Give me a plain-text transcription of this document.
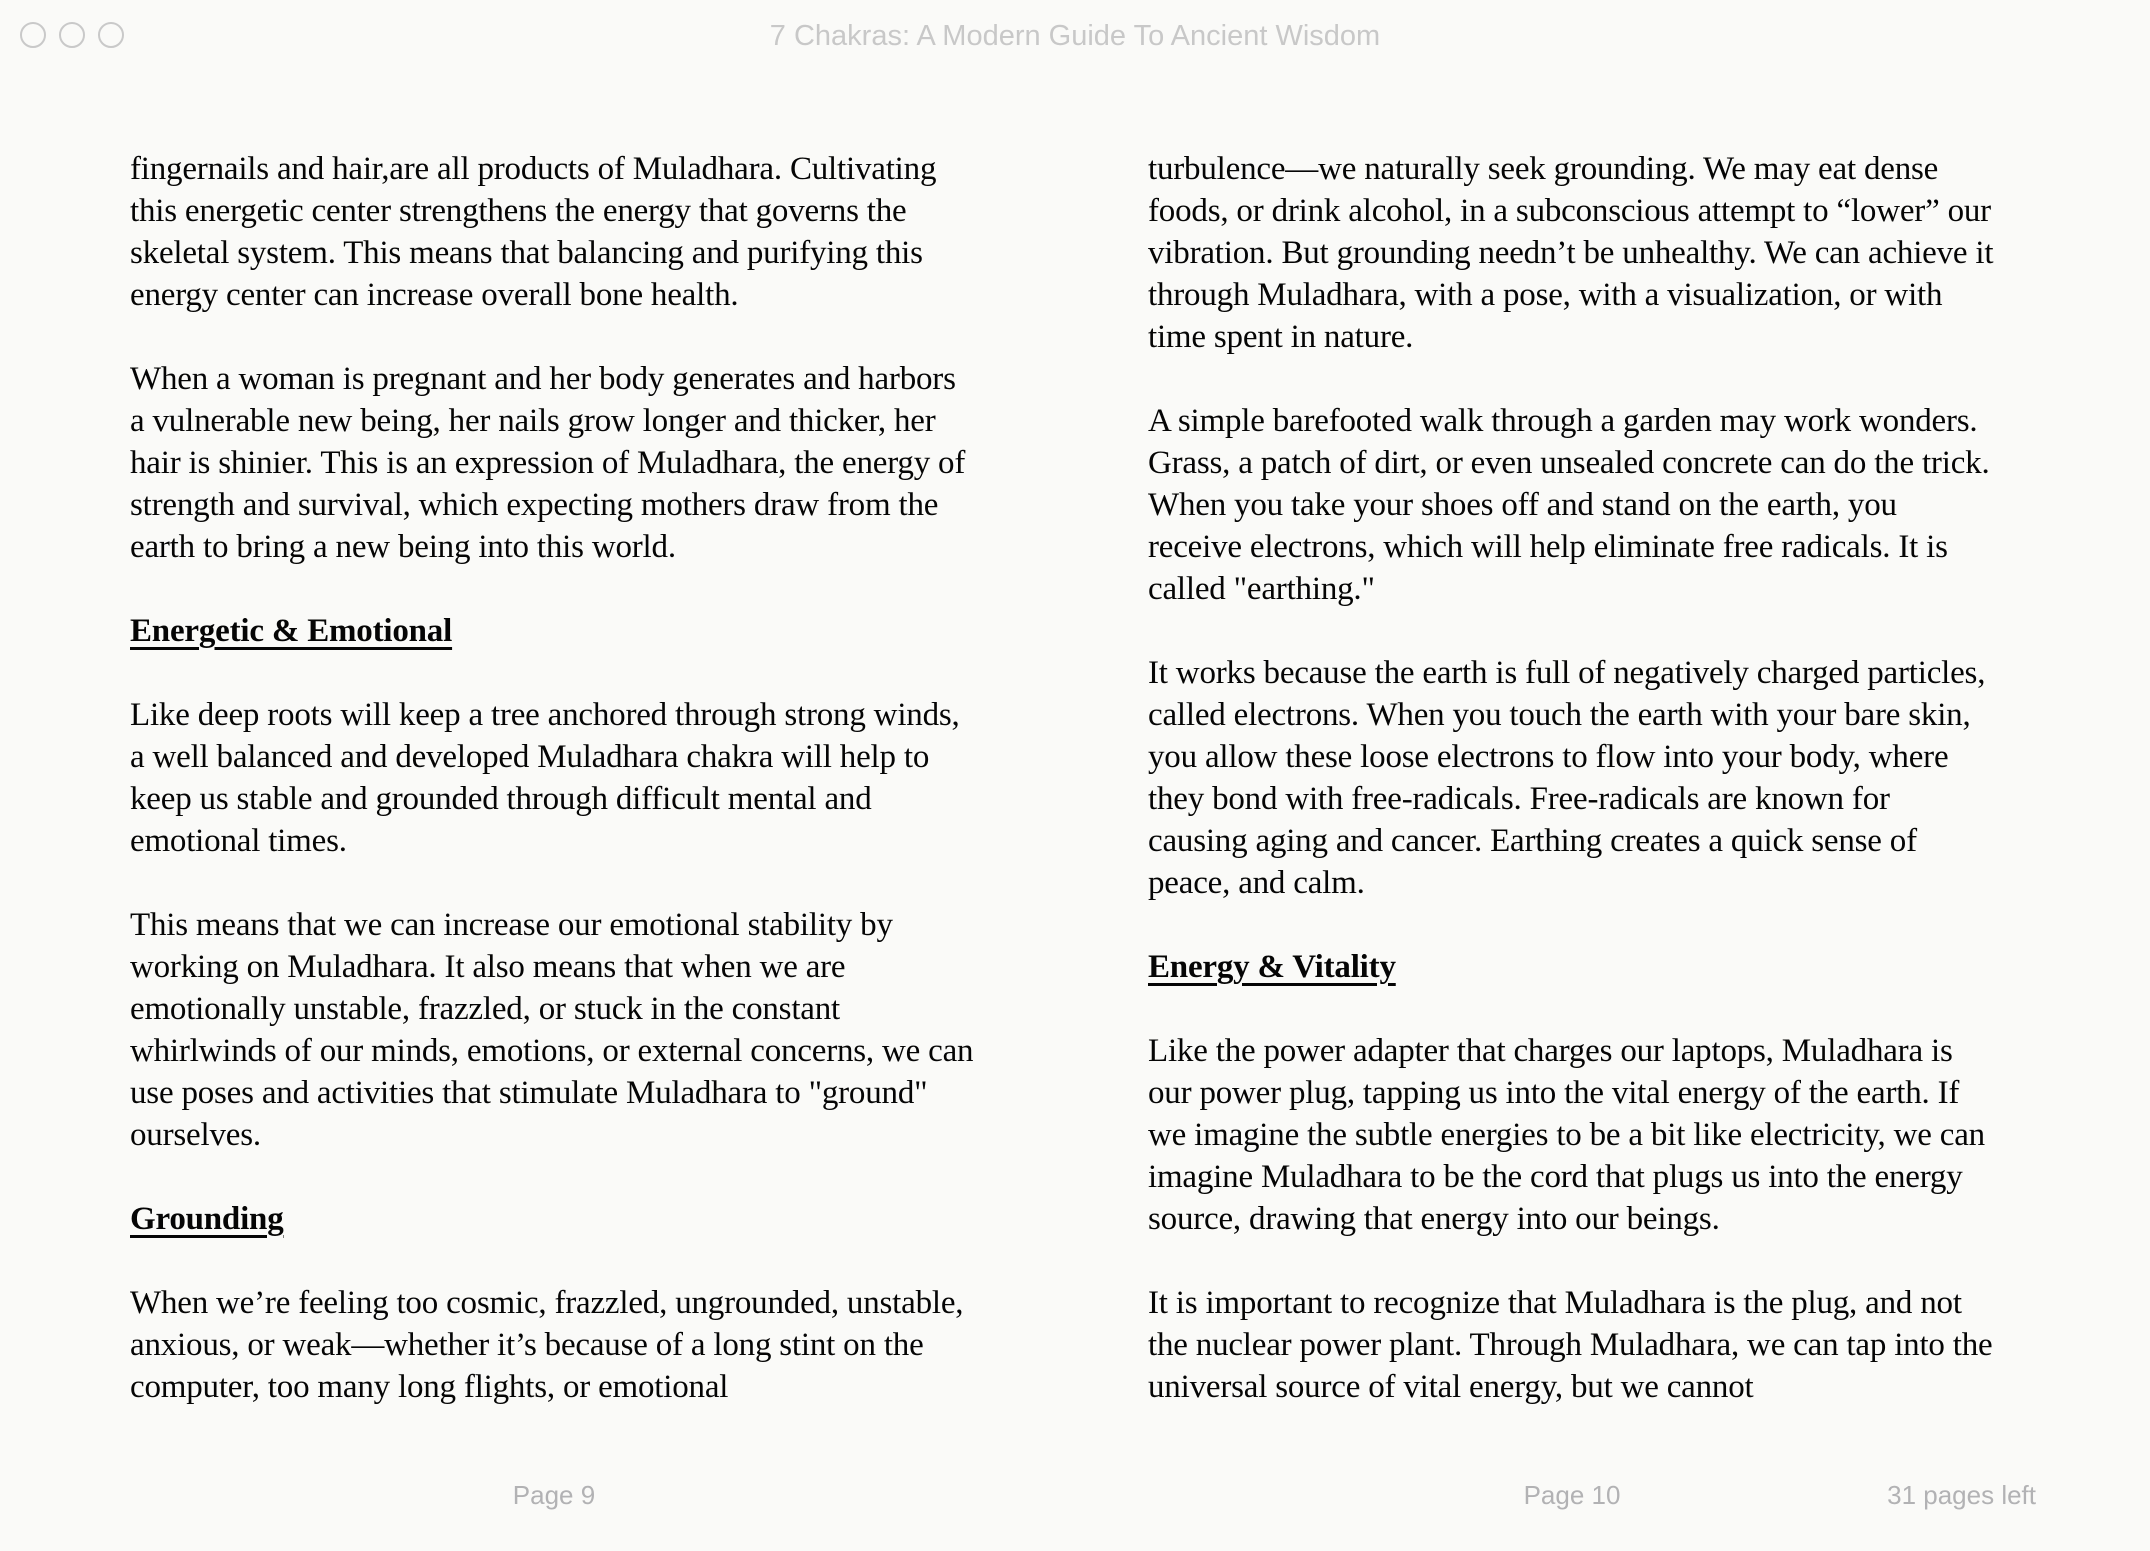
7 Chakras: A Modern Guide To Ancient Wisdom

fingernails and hair,are all products of Muladhara. Cultivating this energetic center strengthens the energy that governs the skeletal system. This means that balancing and purifying this energy center can increase overall bone health.

When a woman is pregnant and her body generates and harbors a vulnerable new being, her nails grow longer and thicker, her hair is shinier. This is an expression of Muladhara, the energy of strength and survival, which expecting mothers draw from the earth to bring a new being into this world.

Energetic & Emotional

Like deep roots will keep a tree anchored through strong winds, a well balanced and developed Muladhara chakra will help to keep us stable and grounded through difficult mental and emotional times.

This means that we can increase our emotional stability by working on Muladhara. It also means that when we are emotionally unstable, frazzled, or stuck in the constant whirlwinds of our minds, emotions, or external concerns, we can use poses and activities that stimulate Muladhara to "ground" ourselves.

Grounding

When we’re feeling too cosmic, frazzled, ungrounded, unstable, anxious, or weak—whether it’s because of a long stint on the computer, too many long flights, or emotional

turbulence—we naturally seek grounding. We may eat dense foods, or drink alcohol, in a subconscious attempt to “lower” our vibration. But grounding needn’t be unhealthy. We can achieve it through Muladhara, with a pose, with a visualization, or with time spent in nature.

A simple barefooted walk through a garden may work wonders. Grass, a patch of dirt, or even unsealed concrete can do the trick. When you take your shoes off and stand on the earth, you receive electrons, which will help eliminate free radicals. It is called "earthing."

It works because the earth is full of negatively charged particles, called electrons. When you touch the earth with your bare skin, you allow these loose electrons to flow into your body, where they bond with free-radicals. Free-radicals are known for causing aging and cancer. Earthing creates a quick sense of peace, and calm.

Energy & Vitality

Like the power adapter that charges our laptops, Muladhara is our power plug, tapping us into the vital energy of the earth. If we imagine the subtle energies to be a bit like electricity, we can imagine Muladhara to be the cord that plugs us into the energy source, drawing that energy into our beings.

It is important to recognize that Muladhara is the plug, and not the nuclear power plant. Through Muladhara, we can tap into the universal source of vital energy, but we cannot

Page 9	Page 10	31 pages left
